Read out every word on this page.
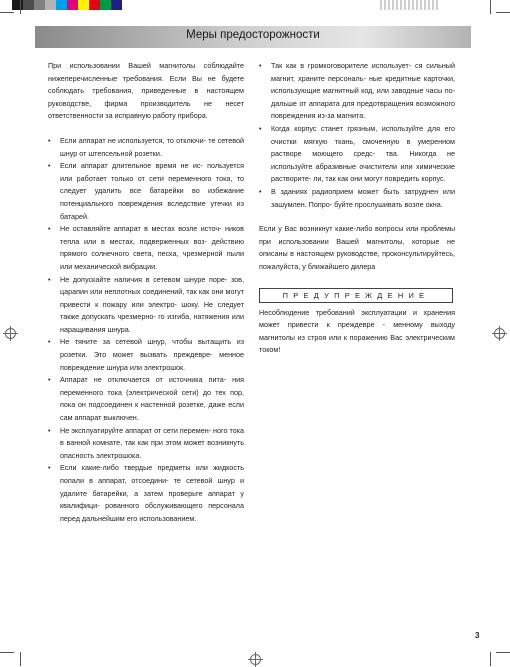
Меры предосторожности

При использовании Вашей магнитолы соблюдайте нижеперечисленные требования. Если Вы не будете соблюдать требования, приведенные в настоящем руководстве, фирма производитель не несет ответственности за исправную работу прибора.

• Если аппарат не используется, то отключи- те сетевой шнур от штепсельной розетки.
• Если аппарат длительное время не ис- пользуется или работает только от сети переменного тока, то следует удалить все батарейки во избежание потенциального повреждения вследствие утечки из батарей.
• Не оставляйте аппарат в местах возле источ- ников тепла или в местах, подверженных воз- действию прямого солнечного света, песка, чрезмерной пыли или механической вибрации.
• Не допускайте наличия в сетевом шнуре поре- зов, царапин или неплотных соединений, так как они могут привести к пожару или электро- шоку. Не следует также допускать чрезмерно- го изгиба, натяжения или наращивания шнура.
• Не тяните за сетевой шнур, чтобы вытащить из розетки. Это может вызвать преждевре- менное повреждение шнура или электрошок.
• Аппарат не отключается от источника пита- ния переменного тока (электрической сети) до тех пор, пока он подсоединен к настенной розетке, даже если сам аппарат выключен.
• Не эксплуатируйте аппарат от сети перемен- ного тока в ванной комнате, так как при этом может возникнуть опасность электрошока.
• Если какие-либо твердые предметы или жидкость попали в аппарат, отсоедини- те сетевой шнур и удалите батарейки, а затем проверьте аппарат у квалифици- рованного обслуживающего персонала перед дальнейшим его использованием.
• Так как в громкоговорителе использует- ся сильный магнит, храните персональ- ные кредитные карточки, использующие магнитный код, или заводные часы по- дальше от аппарата для предотвращения возможного повреждения из-за магнита.
• Когда корпус станет грязным, используйте для его очистки мягкую ткань, смоченную в умеренном растворе моющего средс- тва. Никогда не используйте абразивные очистители или химические растворите- ли, так как они могут повредить корпус.
• В зданиях радиоприем может быть затруднен или зашумлен. Попро- буйте прослушивать возле окна.

Если у Вас возникнут какие-либо вопросы или проблемы при использовании Вашей магнитолы, которые не описаны в настоящем руководстве, проконсультируйтесь, пожалуйста, у ближайшего дилера

ПРЕДУПРЕЖДЕНИЕ

Несоблюдение требований эксплуатации и хранения может привести к преждевре - менному выходу магнитолы из строя или к поражению Вас электрическим током!

3
